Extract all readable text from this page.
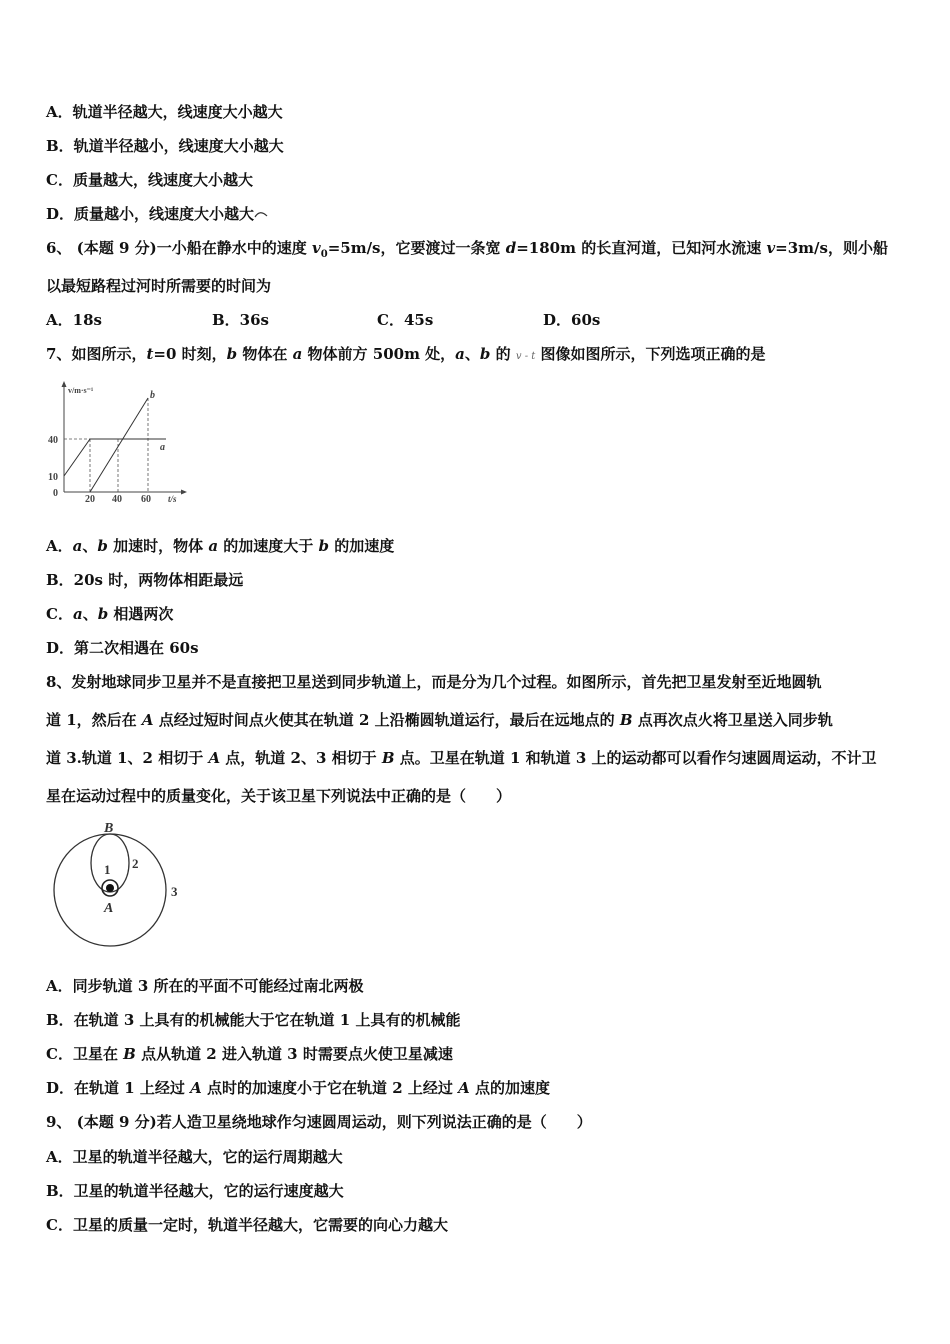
A．轨道半径越大，线速度大小越大
B．轨道半径越小，线速度大小越大
C．质量越大，线速度大小越大
D．质量越小，线速度大小越大
6、 (本题 9 分)一小船在静水中的速度 $v_0=5m/s$，它要渡过一条宽 d=180m 的长直河道，已知河水流速 v=3m/s，则小船
以最短路程过河时所需要的时间为
A．18s	B．36s	C．45s	D．60s
7、如图所示，t=0 时刻，b 物体在 a 物体前方 500m 处，a、b 的 v - t 图像如图所示，下列选项正确的是
v/m·s⁻¹
t/s
40
10
0
20 40 60
a
b
A．a、b 加速时，物体 a 的加速度大于 b 的加速度
B．20s 时，两物体相距最远
C．a、b 相遇两次
D．第二次相遇在 60s
8、发射地球同步卫星并不是直接把卫星送到同步轨道上，而是分为几个过程。如图所示，首先把卫星发射至近地圆轨
道 1，然后在 A 点经过短时间点火使其在轨道 2 上沿椭圆轨道运行，最后在远地点的 B 点再次点火将卫星送入同步轨
道 3.轨道 1、2 相切于 A 点，轨道 2、3 相切于 B 点。卫星在轨道 1 和轨道 3 上的运动都可以看作匀速圆周运动，不计卫
星在运动过程中的质量变化，关于该卫星下列说法中正确的是（　　）
B
A
1 2
3
A．同步轨道 3 所在的平面不可能经过南北两极
B．在轨道 3 上具有的机械能大于它在轨道 1 上具有的机械能
C．卫星在 B 点从轨道 2 进入轨道 3 时需要点火使卫星减速
D．在轨道 1 上经过 A 点时的加速度小于它在轨道 2 上经过 A 点的加速度
9、 (本题 9 分)若人造卫星绕地球作匀速圆周运动，则下列说法正确的是（　　）
A．卫星的轨道半径越大，它的运行周期越大
B．卫星的轨道半径越大，它的运行速度越大
C．卫星的质量一定时，轨道半径越大，它需要的向心力越大
